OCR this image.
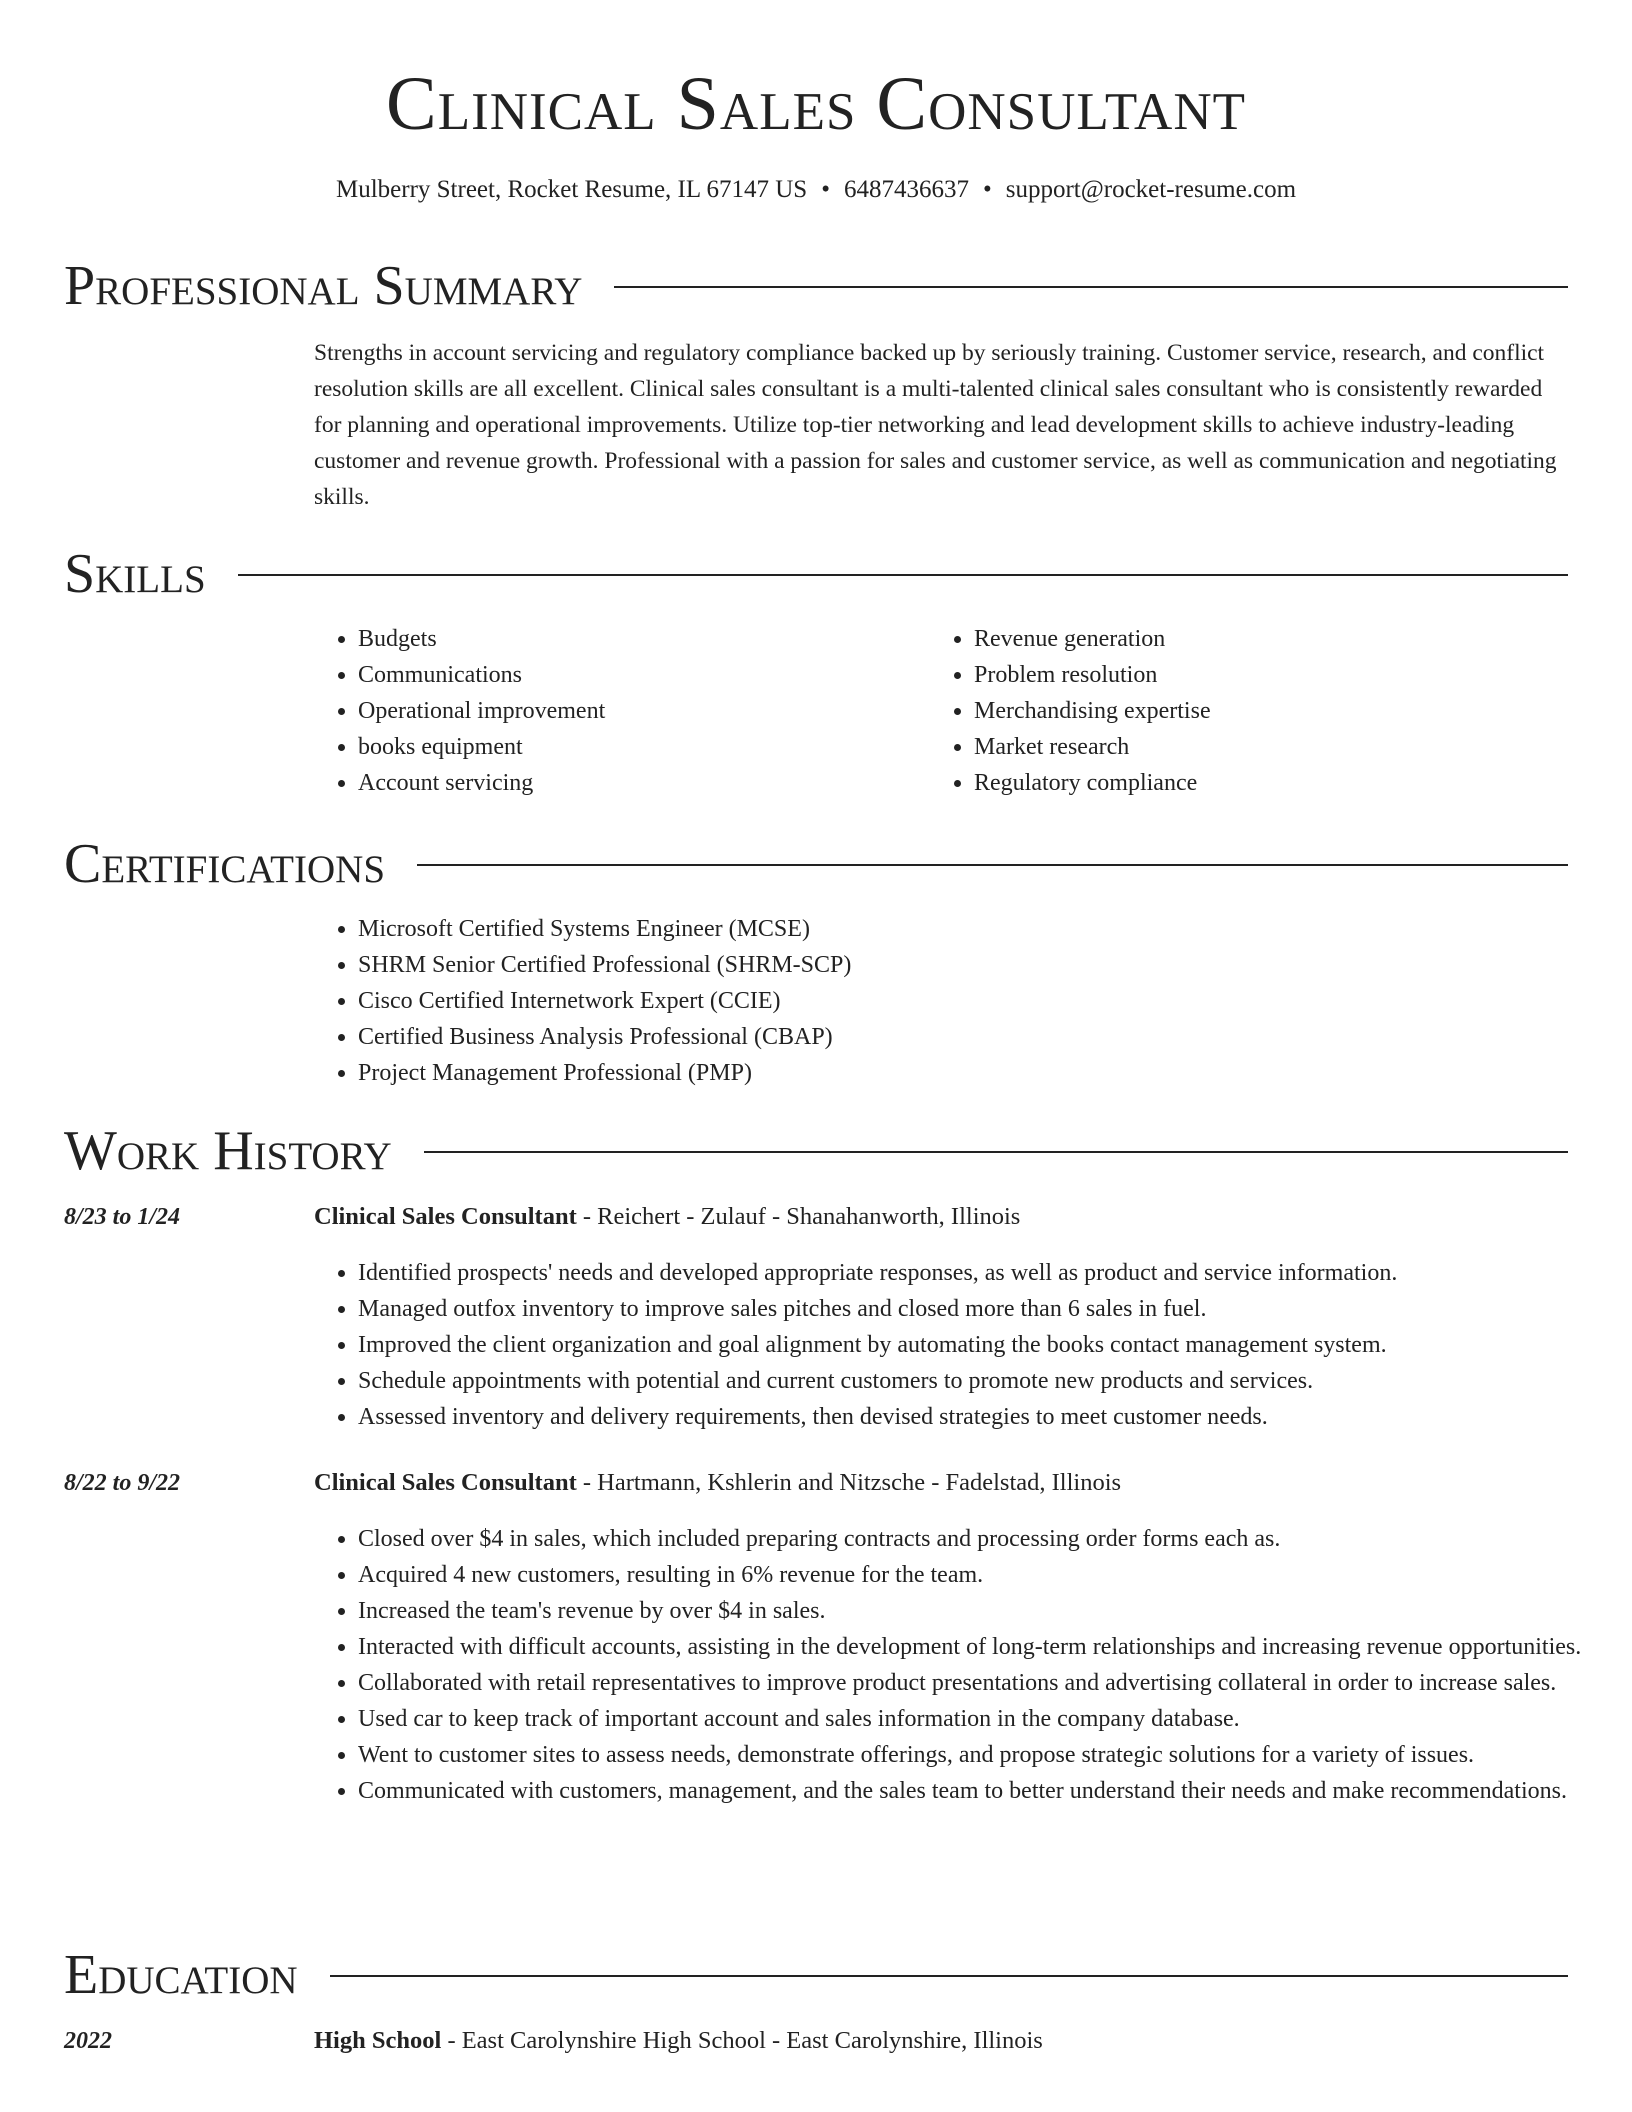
Clinical Sales Consultant
Mulberry Street, Rocket Resume, IL 67147 US • 6487436637 • support@rocket-resume.com
Professional Summary

Strengths in account servicing and regulatory compliance backed up by seriously training. Customer service, research, and conflict resolution skills are all excellent. Clinical sales consultant is a multi-talented clinical sales consultant who is consistently rewarded for planning and operational improvements. Utilize top-tier networking and lead development skills to achieve industry-leading customer and revenue growth. Professional with a passion for sales and customer service, as well as communication and negotiating skills.

Skills
• Budgets
• Communications
• Operational improvement
• books equipment
• Account servicing
• Revenue generation
• Problem resolution
• Merchandising expertise
• Market research
• Regulatory compliance
Certifications
• Microsoft Certified Systems Engineer (MCSE)
• SHRM Senior Certified Professional (SHRM-SCP)
• Cisco Certified Internetwork Expert (CCIE)
• Certified Business Analysis Professional (CBAP)
• Project Management Professional (PMP)
Work History
8/23 to 1/24	Clinical Sales Consultant - Reichert - Zulauf - Shanahanworth, Illinois
• Identified prospects' needs and developed appropriate responses, as well as product and service information.
• Managed outfox inventory to improve sales pitches and closed more than 6 sales in fuel.
• Improved the client organization and goal alignment by automating the books contact management system.
• Schedule appointments with potential and current customers to promote new products and services.
• Assessed inventory and delivery requirements, then devised strategies to meet customer needs.
8/22 to 9/22	Clinical Sales Consultant - Hartmann, Kshlerin and Nitzsche - Fadelstad, Illinois
• Closed over $4 in sales, which included preparing contracts and processing order forms each as.
• Acquired 4 new customers, resulting in 6% revenue for the team.
• Increased the team's revenue by over $4 in sales.
• Interacted with difficult accounts, assisting in the development of long-term relationships and increasing revenue opportunities.
• Collaborated with retail representatives to improve product presentations and advertising collateral in order to increase sales.
• Used car to keep track of important account and sales information in the company database.
• Went to customer sites to assess needs, demonstrate offerings, and propose strategic solutions for a variety of issues.
• Communicated with customers, management, and the sales team to better understand their needs and make recommendations.
Education
2022	High School - East Carolynshire High School - East Carolynshire, Illinois
